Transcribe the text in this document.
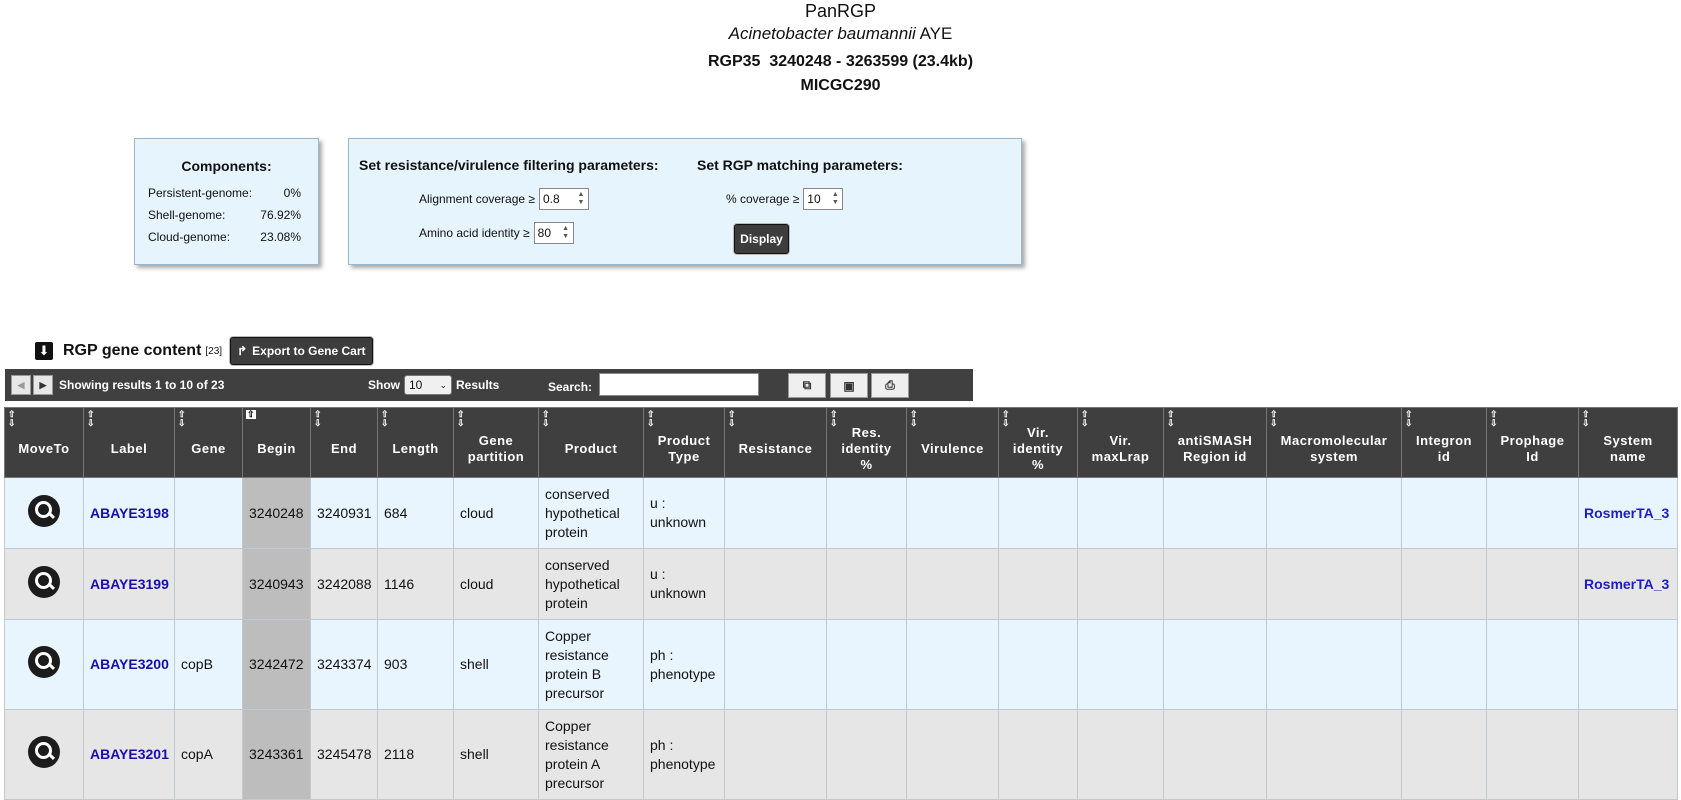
PanRGP
Acinetobacter baumannii AYE
RGP35  3240248 - 3263599 (23.4kb)
MICGC290
Components:
Persistent-genome:	0%
Shell-genome:	76.92%
Cloud-genome:	23.08%
Set resistance/virulence filtering parameters:
Alignment coverage ≥ 0.8	▲
▼
Amino acid identity ≥ 80 ▲
▼
Set RGP matching parameters:
% coverage ≥ 10 ▲
▼
Display
⬇ RGP gene content [23] ↱ Export to Gene Cart
◀	▶	Showing results 1 to 10 of 23	Show 10 ⌄ Results	Search:	⧉	▣	⎙
⇧
⇩
MoveTo	⇧
⇩
Label	⇧
⇩
Gene	⇧
Begin	⇧
⇩
End	⇧
⇩
Length	⇧
⇩
Gene
partition	⇧
⇩
Product	⇧
⇩
Product
Type	⇧
⇩
Resistance	⇧
⇩
Res.
identity
%	⇧
⇩
Virulence	⇧
⇩
Vir.
identity
%	⇧
⇩
Vir.
maxLrap	⇧
⇩
antiSMASH
Region id	⇧
⇩
Macromolecular
system	⇧
⇩
Integron
id	⇧
⇩
Prophage
Id	⇧
⇩
System
name
	ABAYE3198		3240248	3240931	684	cloud	conserved
hypothetical
protein	u :
unknown										RosmerTA_3
	ABAYE3199		3240943	3242088	1146	cloud	conserved
hypothetical
protein	u :
unknown										RosmerTA_3
	ABAYE3200	copB	3242472	3243374	903	shell	Copper
resistance
protein B
precursor	ph :
phenotype										
	ABAYE3201	copA	3243361	3245478	2118	shell	Copper
resistance
protein A
precursor	ph :
phenotype										
